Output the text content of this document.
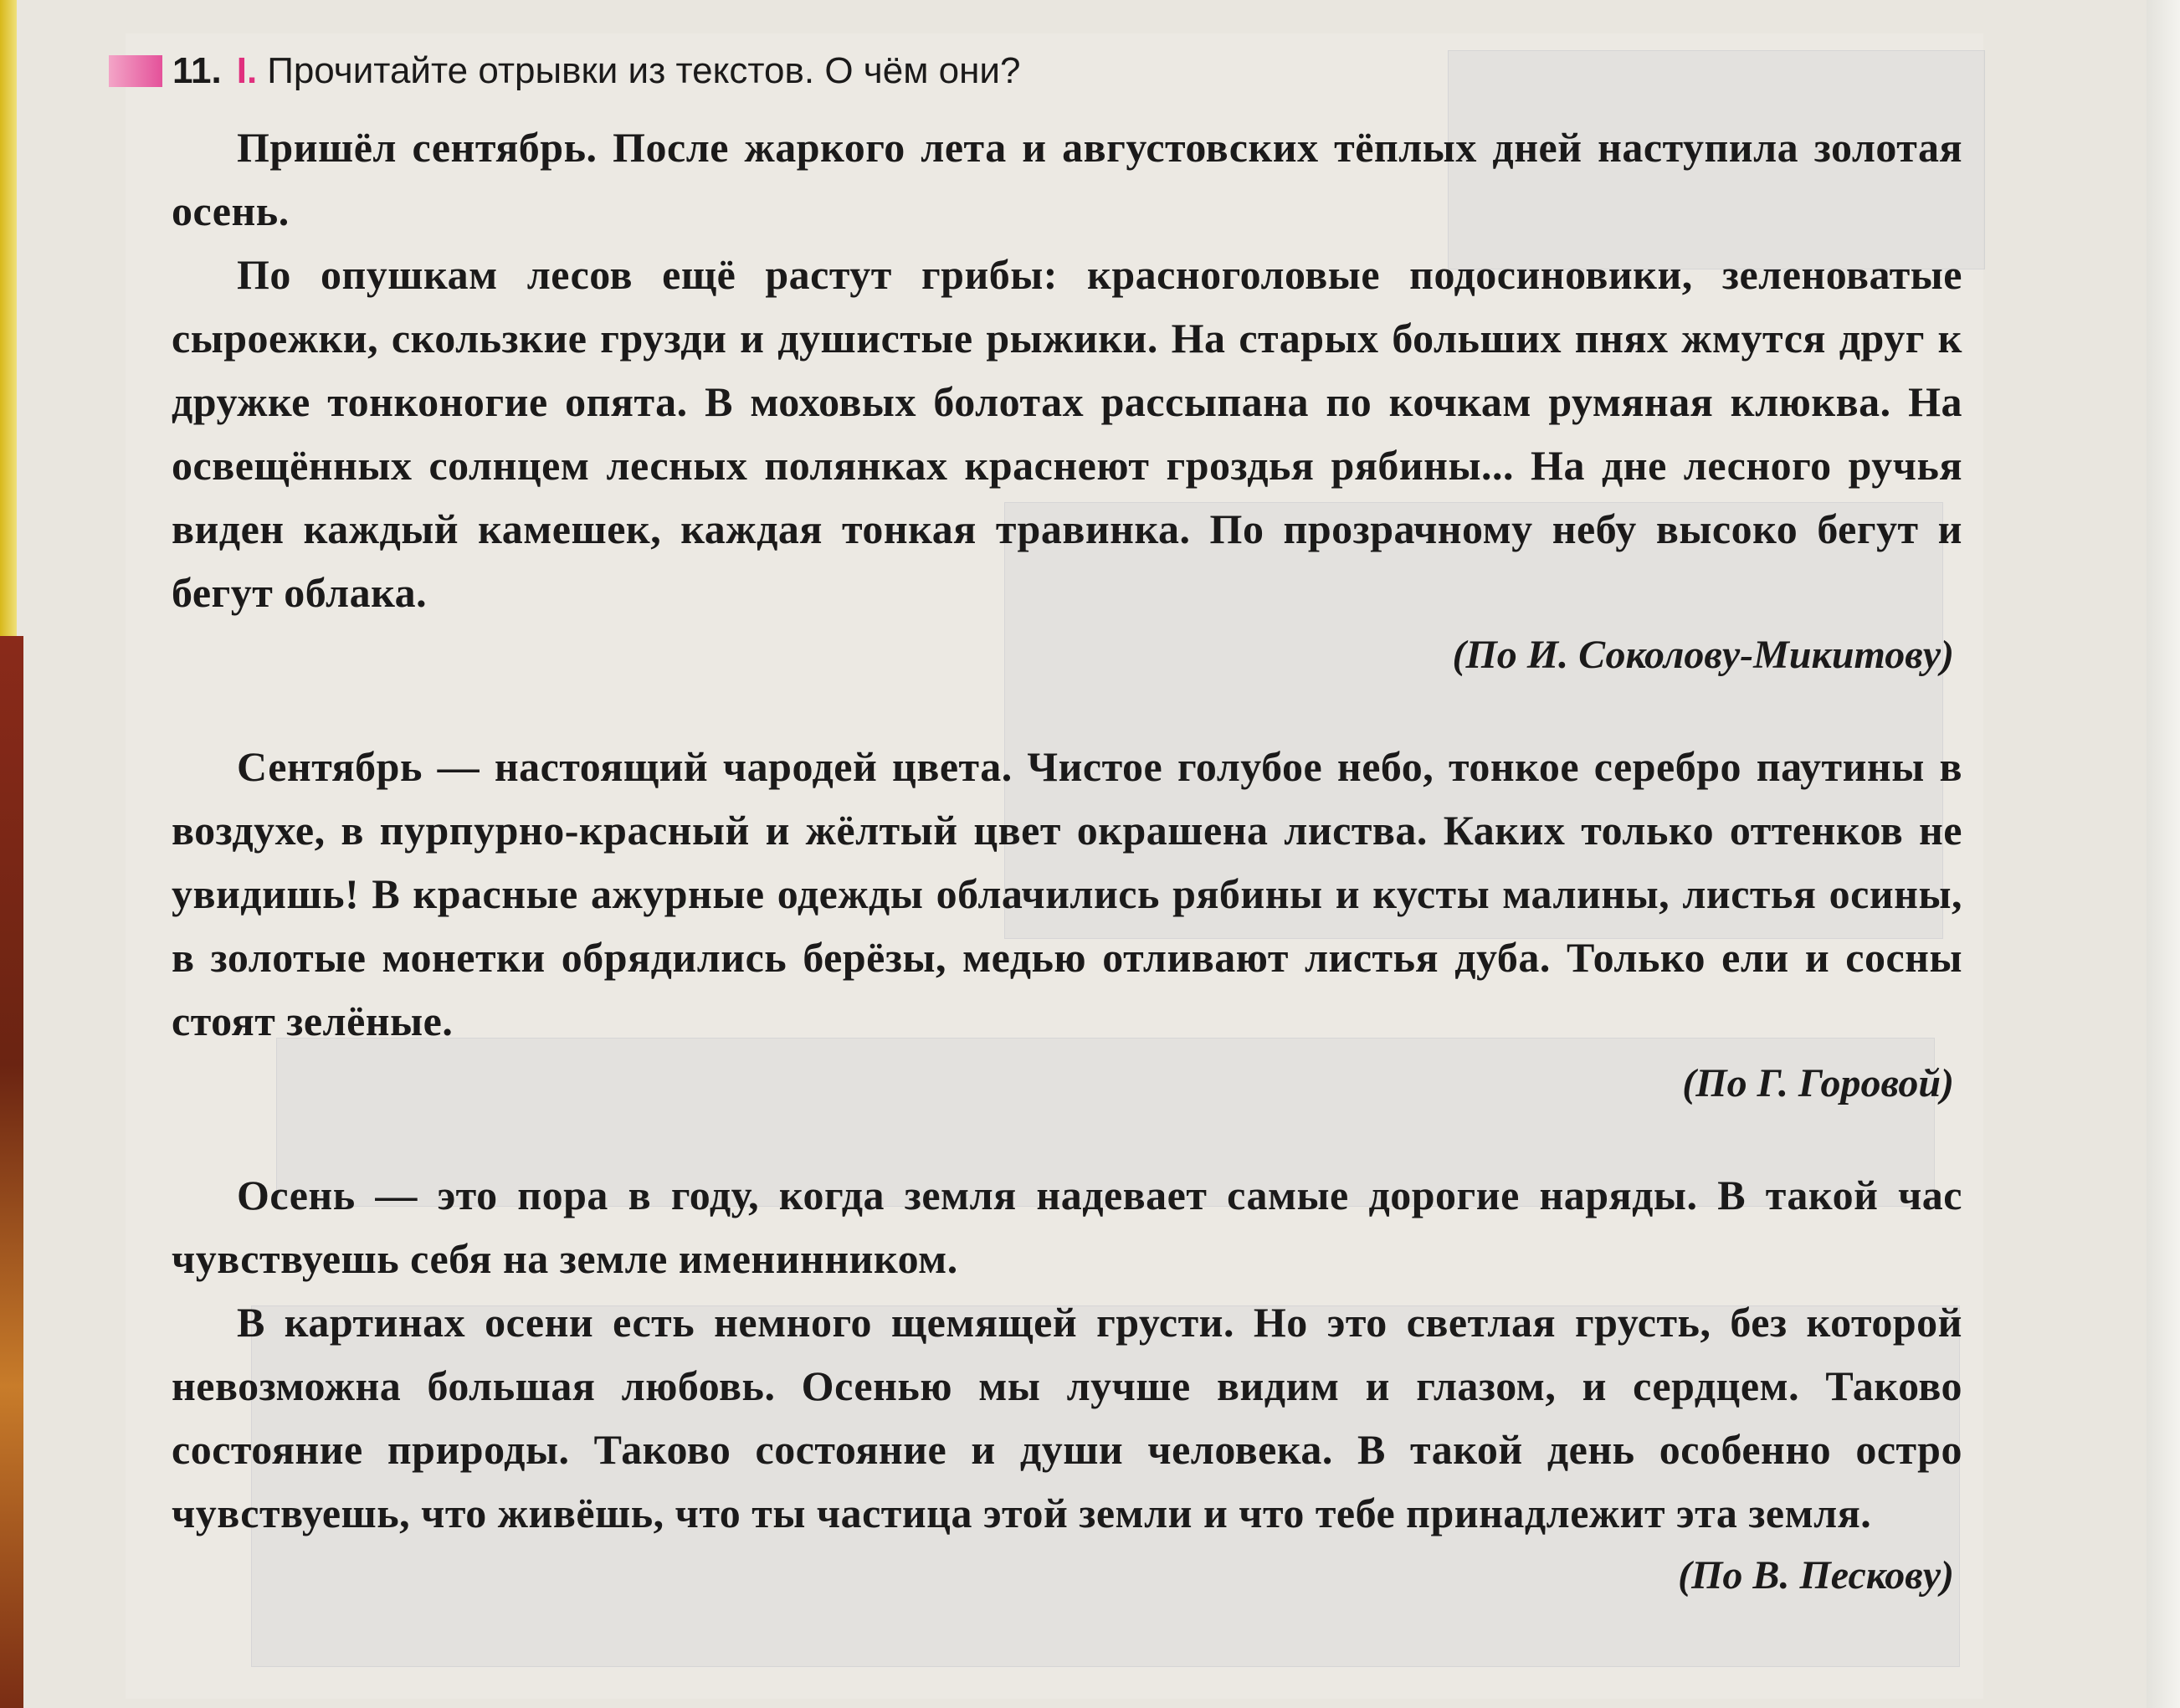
11. I. Прочитайте отрывки из текстов. О чём они?

Пришёл сентябрь. После жаркого лета и августовских тёплых дней наступила золотая осень.

По опушкам лесов ещё растут грибы: красноголовые подосиновики, зеленоватые сыроежки, скользкие грузди и душистые рыжики. На старых больших пнях жмутся друг к дружке тонконогие опята. В моховых болотах рассыпана по кочкам румяная клюква. На освещённых солнцем лесных полянках краснеют гроздья рябины... На дне лесного ручья виден каждый камешек, каждая тонкая травинка. По прозрачному небу высоко бегут и бегут облака.

(По И. Соколову-Микитову)

Сентябрь — настоящий чародей цвета. Чистое голубое небо, тонкое серебро паутины в воздухе, в пурпурно-красный и жёлтый цвет окрашена листва. Каких только оттенков не увидишь! В красные ажурные одежды облачились рябины и кусты малины, листья осины, в золотые монетки обрядились берёзы, медью отливают листья дуба. Только ели и сосны стоят зелёные.

(По Г. Горовой)

Осень — это пора в году, когда земля надевает самые дорогие наряды. В такой час чувствуешь себя на земле именинником.

В картинах осени есть немного щемящей грусти. Но это светлая грусть, без которой невозможна большая любовь. Осенью мы лучше видим и глазом, и сердцем. Таково состояние природы. Таково состояние и души человека. В такой день особенно остро чувствуешь, что живёшь, что ты частица этой земли и что тебе принадлежит эта земля.

(По В. Пескову)
